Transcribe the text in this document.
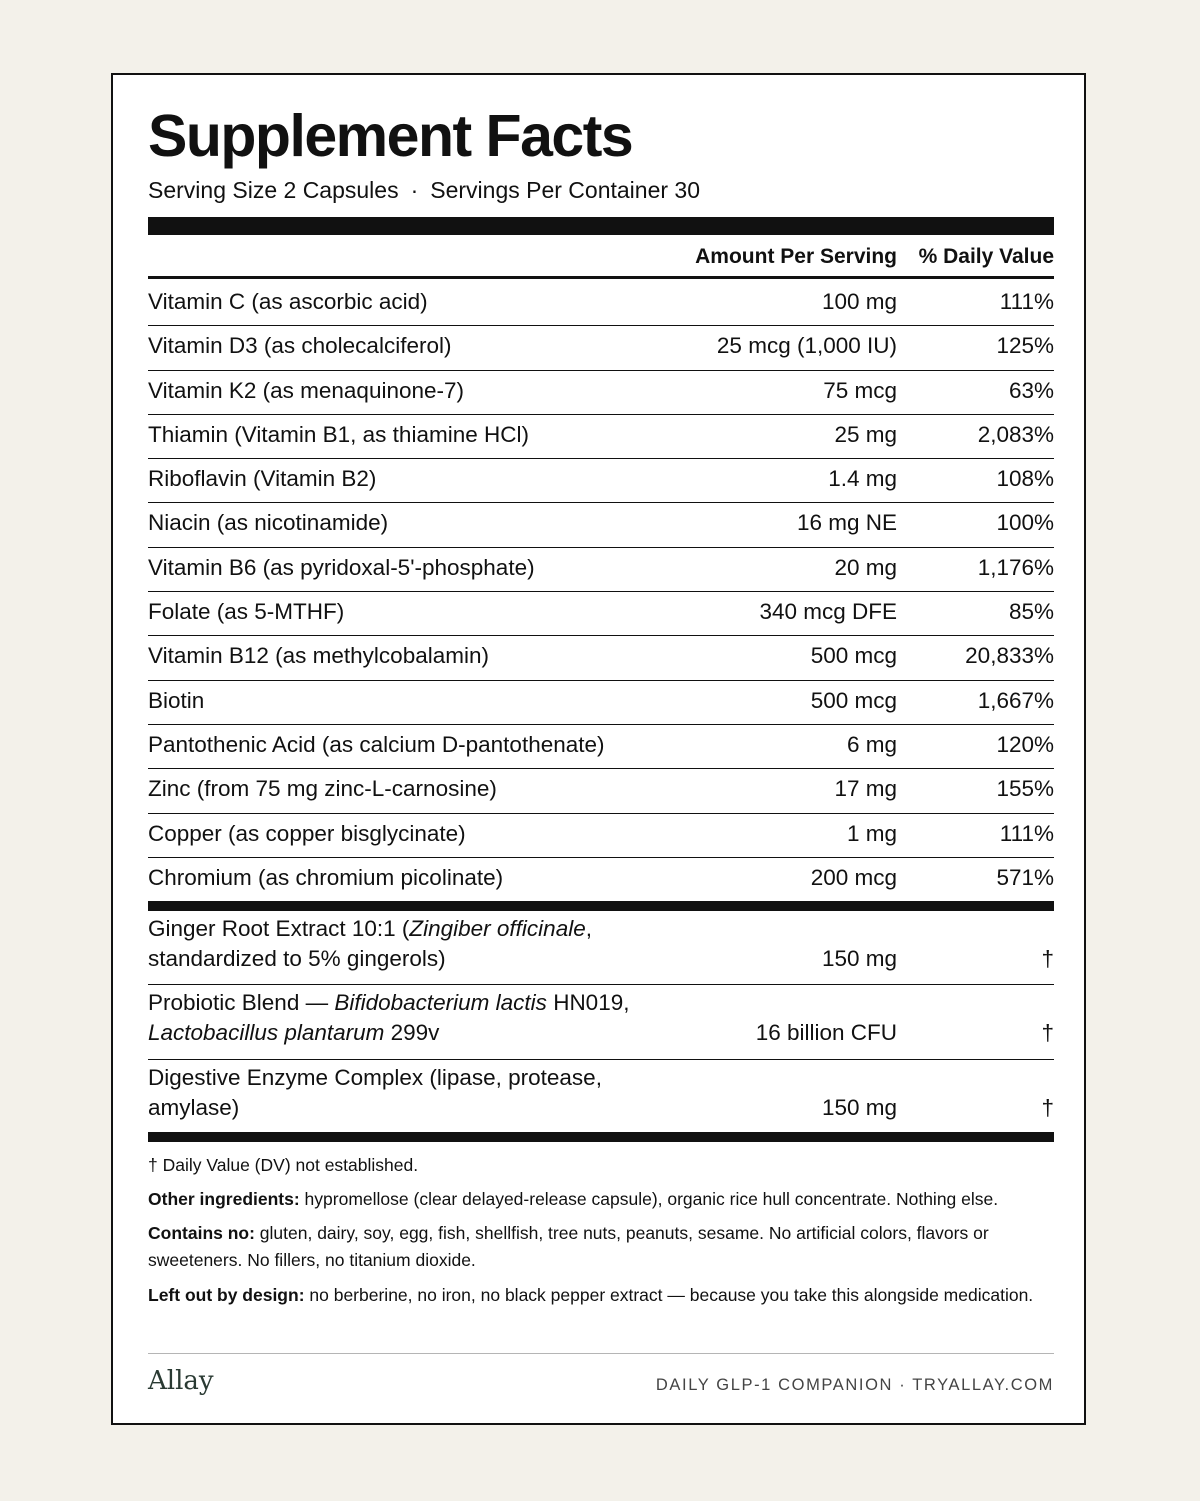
Supplement Facts
Serving Size 2 Capsules · Servings Per Container 30
Amount Per Serving % Daily Value
Vitamin C (as ascorbic acid)	100 mg	111%
Vitamin D3 (as cholecalciferol)	25 mcg (1,000 IU)	125%
Vitamin K2 (as menaquinone-7)	75 mcg	63%
Thiamin (Vitamin B1, as thiamine HCl)	25 mg	2,083%
Riboflavin (Vitamin B2)	1.4 mg	108%
Niacin (as nicotinamide)	16 mg NE	100%
Vitamin B6 (as pyridoxal-5'-phosphate)	20 mg	1,176%
Folate (as 5-MTHF)	340 mcg DFE	85%
Vitamin B12 (as methylcobalamin)	500 mcg	20,833%
Biotin	500 mcg	1,667%
Pantothenic Acid (as calcium D-pantothenate)	6 mg	120%
Zinc (from 75 mg zinc-L-carnosine)	17 mg	155%
Copper (as copper bisglycinate)	1 mg	111%
Chromium (as chromium picolinate)	200 mcg	571%
Ginger Root Extract 10:1 (Zingiber officinale,
standardized to 5% gingerols)	150 mg	†
Probiotic Blend — Bifidobacterium lactis HN019,
Lactobacillus plantarum 299v	16 billion CFU	†
Digestive Enzyme Complex (lipase, protease,
amylase)	150 mg	†
† Daily Value (DV) not established.
Other ingredients: hypromellose (clear delayed-release capsule), organic rice hull concentrate. Nothing else.
Contains no: gluten, dairy, soy, egg, fish, shellfish, tree nuts, peanuts, sesame. No artificial colors, flavors or sweeteners. No fillers, no titanium dioxide.
Left out by design: no berberine, no iron, no black pepper extract — because you take this alongside medication.
Allay	DAILY GLP-1 COMPANION · TRYALLAY.COM
